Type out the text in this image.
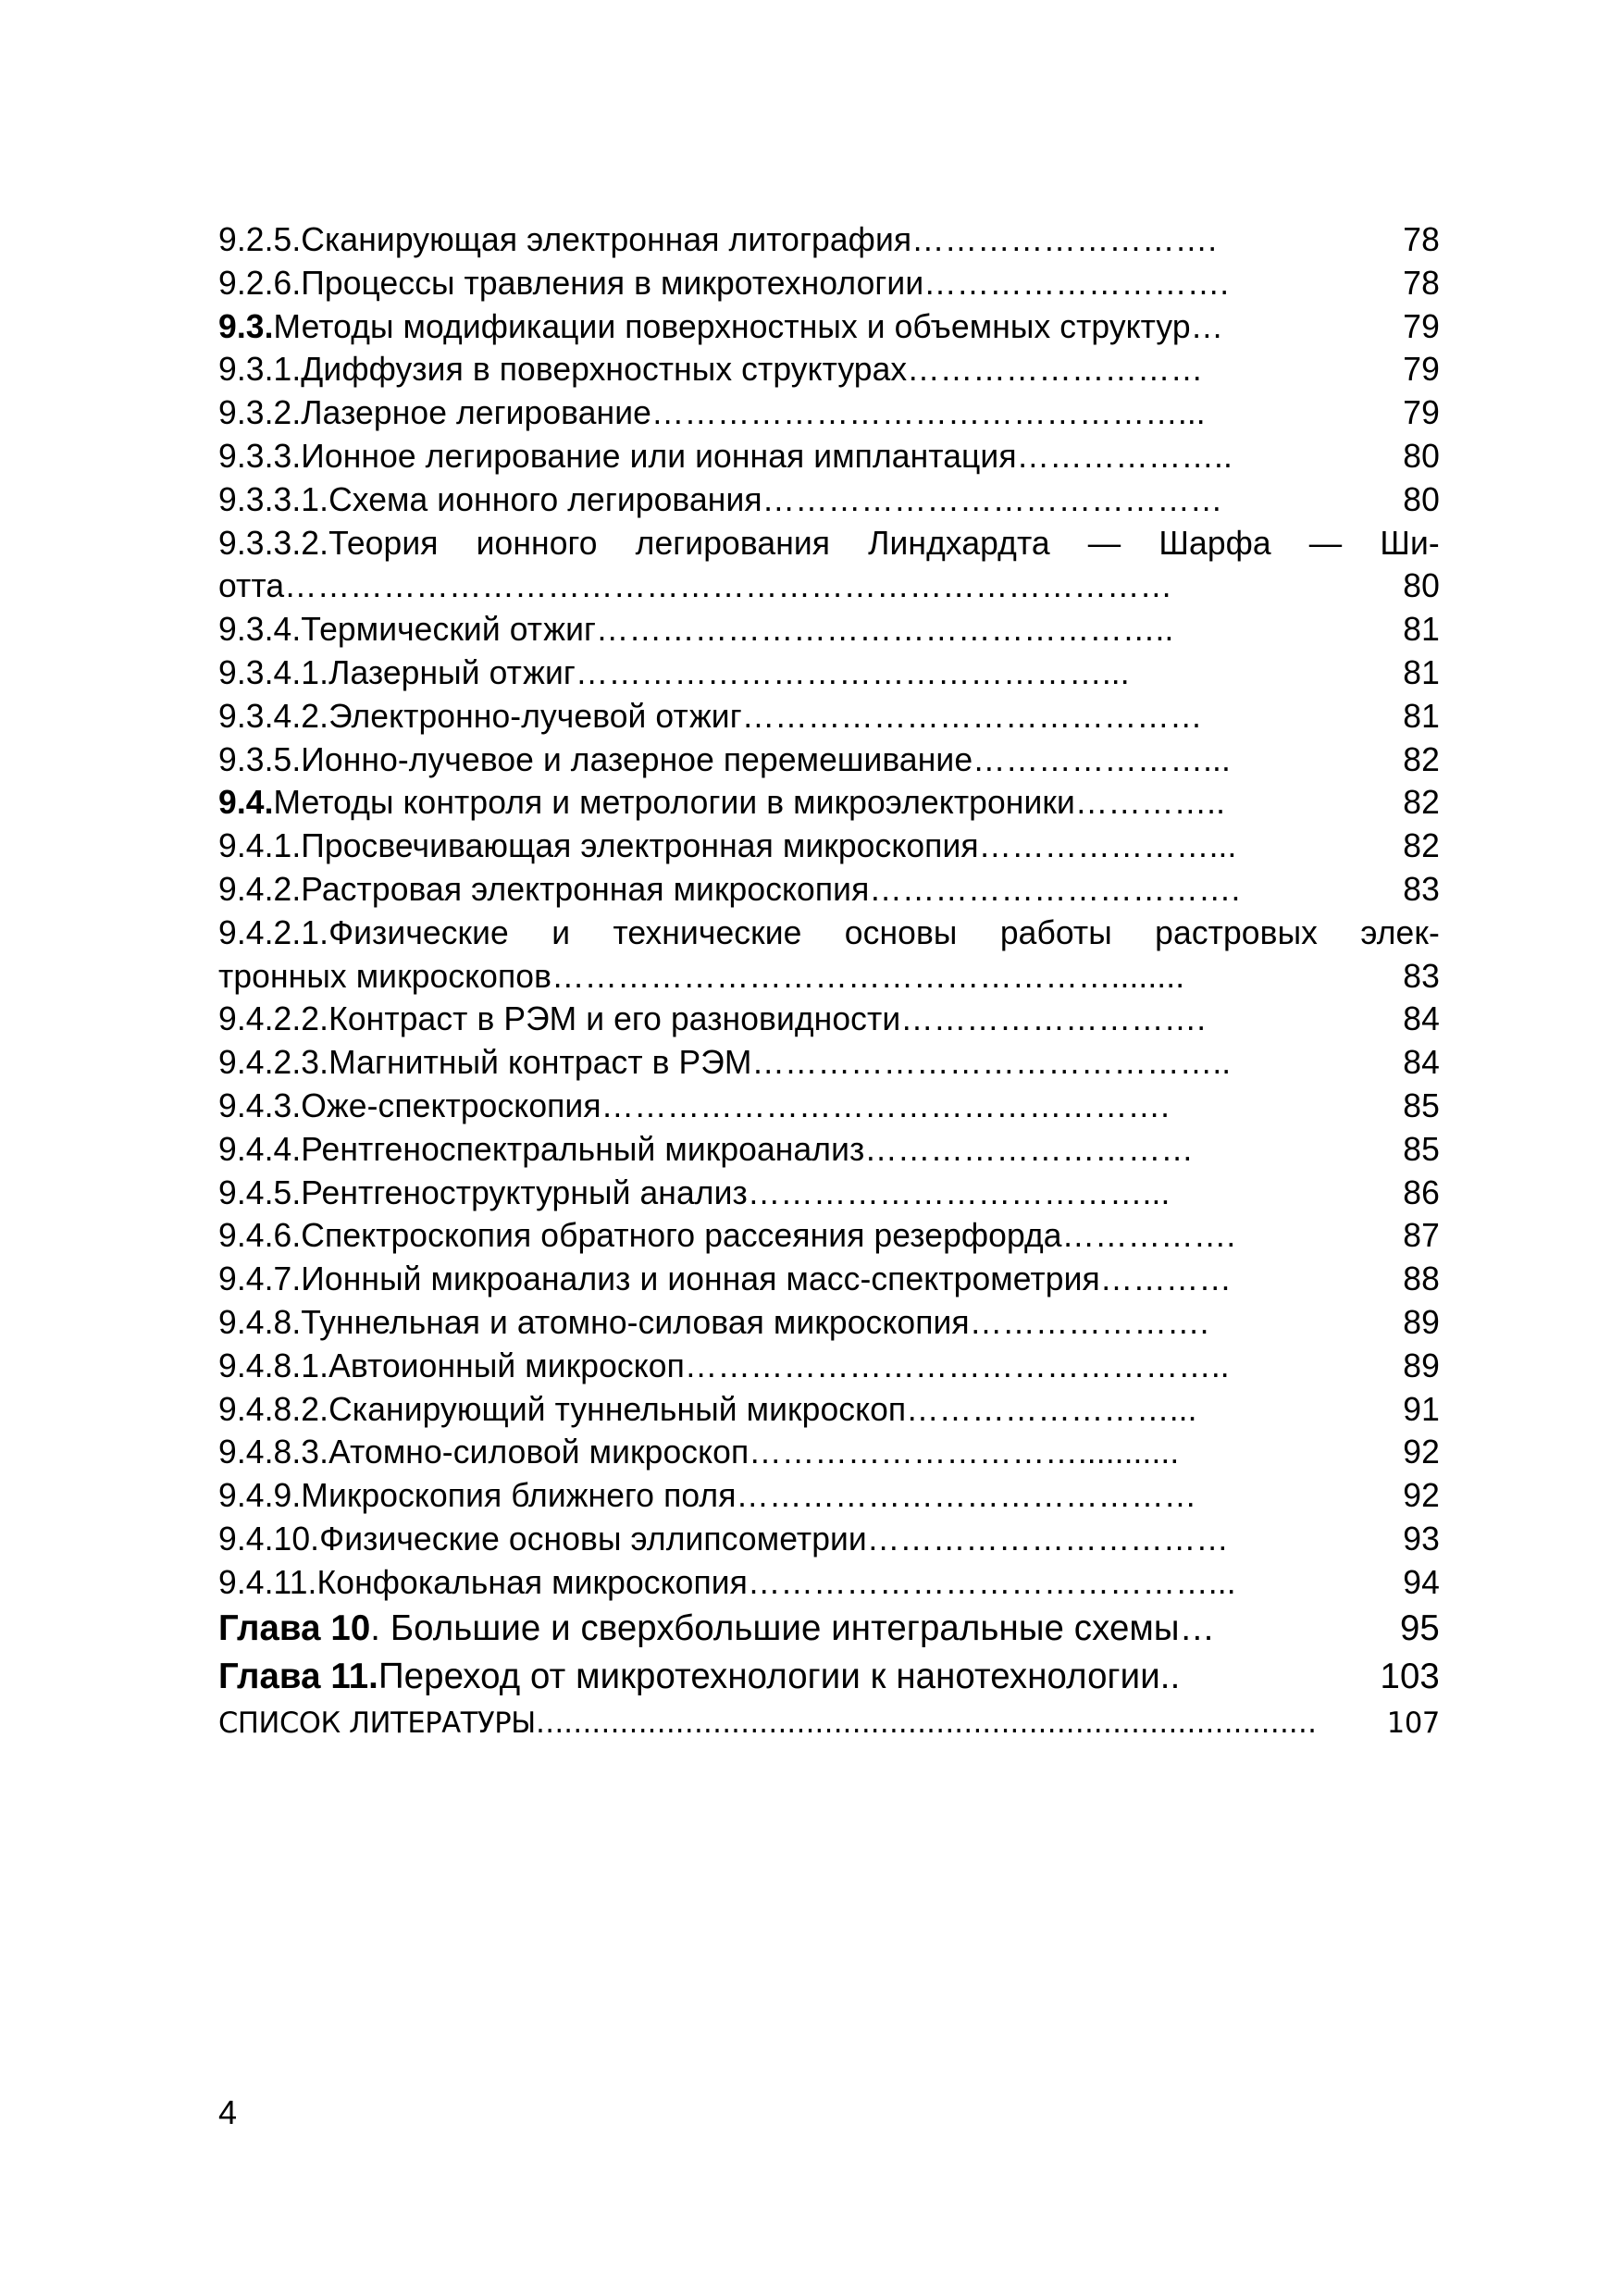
9.2.5. Сканирующая электронная литография ……………………….	78
9.2.6. Процессы травления в микротехнологии ……………………….	78
9.3. Методы модификации поверхностных и объемных структур …	79
9.3.1. Диффузия в поверхностных структурах ………………………	79
9.3.2. Лазерное легирование …………………………………………...	79
9.3.3. Ионное легирование или ионная имплантация ………………..	80
9.3.3.1. Схема ионного легирования ……………………………………	80
9.3.3.2. Теория ионного легирования Линдхардта — Шарфа — Ши-
отта ………………………………………………………………………	80
9.3.4. Термический отжиг ……………………………………………..	81
9.3.4.1. Лазерный отжиг …………………………………………...	81
9.3.4.2. Электронно-лучевой отжиг ……………………………………	81
9.3.5. Ионно-лучевое и лазерное перемешивание …………………...	82
9.4. Методы контроля и метрологии в микроэлектроники …………..	82
9.4.1. Просвечивающая электронная микроскопия …………………...	82
9.4.2. Растровая электронная микроскопия …………………………….	83
9.4.2.1. Физические и технические основы работы растровых элек-
тронных микроскопов ……………………………………………........	83
9.4.2.2. Контраст в РЭМ и его разновидности ……………………….	84
9.4.2.3. Магнитный контраст в РЭМ ……………………………………..	84
9.4.3. Оже-спектроскопия …………………………………………….	85
9.4.4. Рентгеноспектральный микроанализ …………………………	85
9.4.5. Рентгеноструктурный анализ ………………………………...	86
9.4.6. Спектроскопия обратного рассеяния резерфорда …………….	87
9.4.7. Ионный микроанализ и ионная масс-спектрометрия …………	88
9.4.8. Туннельная и атомно-силовая микроскопия ………………….	89
9.4.8.1. Автоионный микроскоп …………………………………………..	89
9.4.8.2. Сканирующий туннельный микроскоп ……………………...	91
9.4.8.3. Атомно-силовой микроскоп …………………………...........	92
9.4.9. Микроскопия ближнего поля ……………………………………	92
9.4.10. Физические основы эллипсометрии ……………………………	93
9.4.11. Конфокальная микроскопия ……………………………………...	94
Глава 10 . Большие и сверхбольшие интегральные схемы …	95
Глава 11. Переход от микротехнологии к нанотехнологии ..	103
СПИСОК ЛИТЕРАТУРЫ …………………………………………………………………………	107
4
